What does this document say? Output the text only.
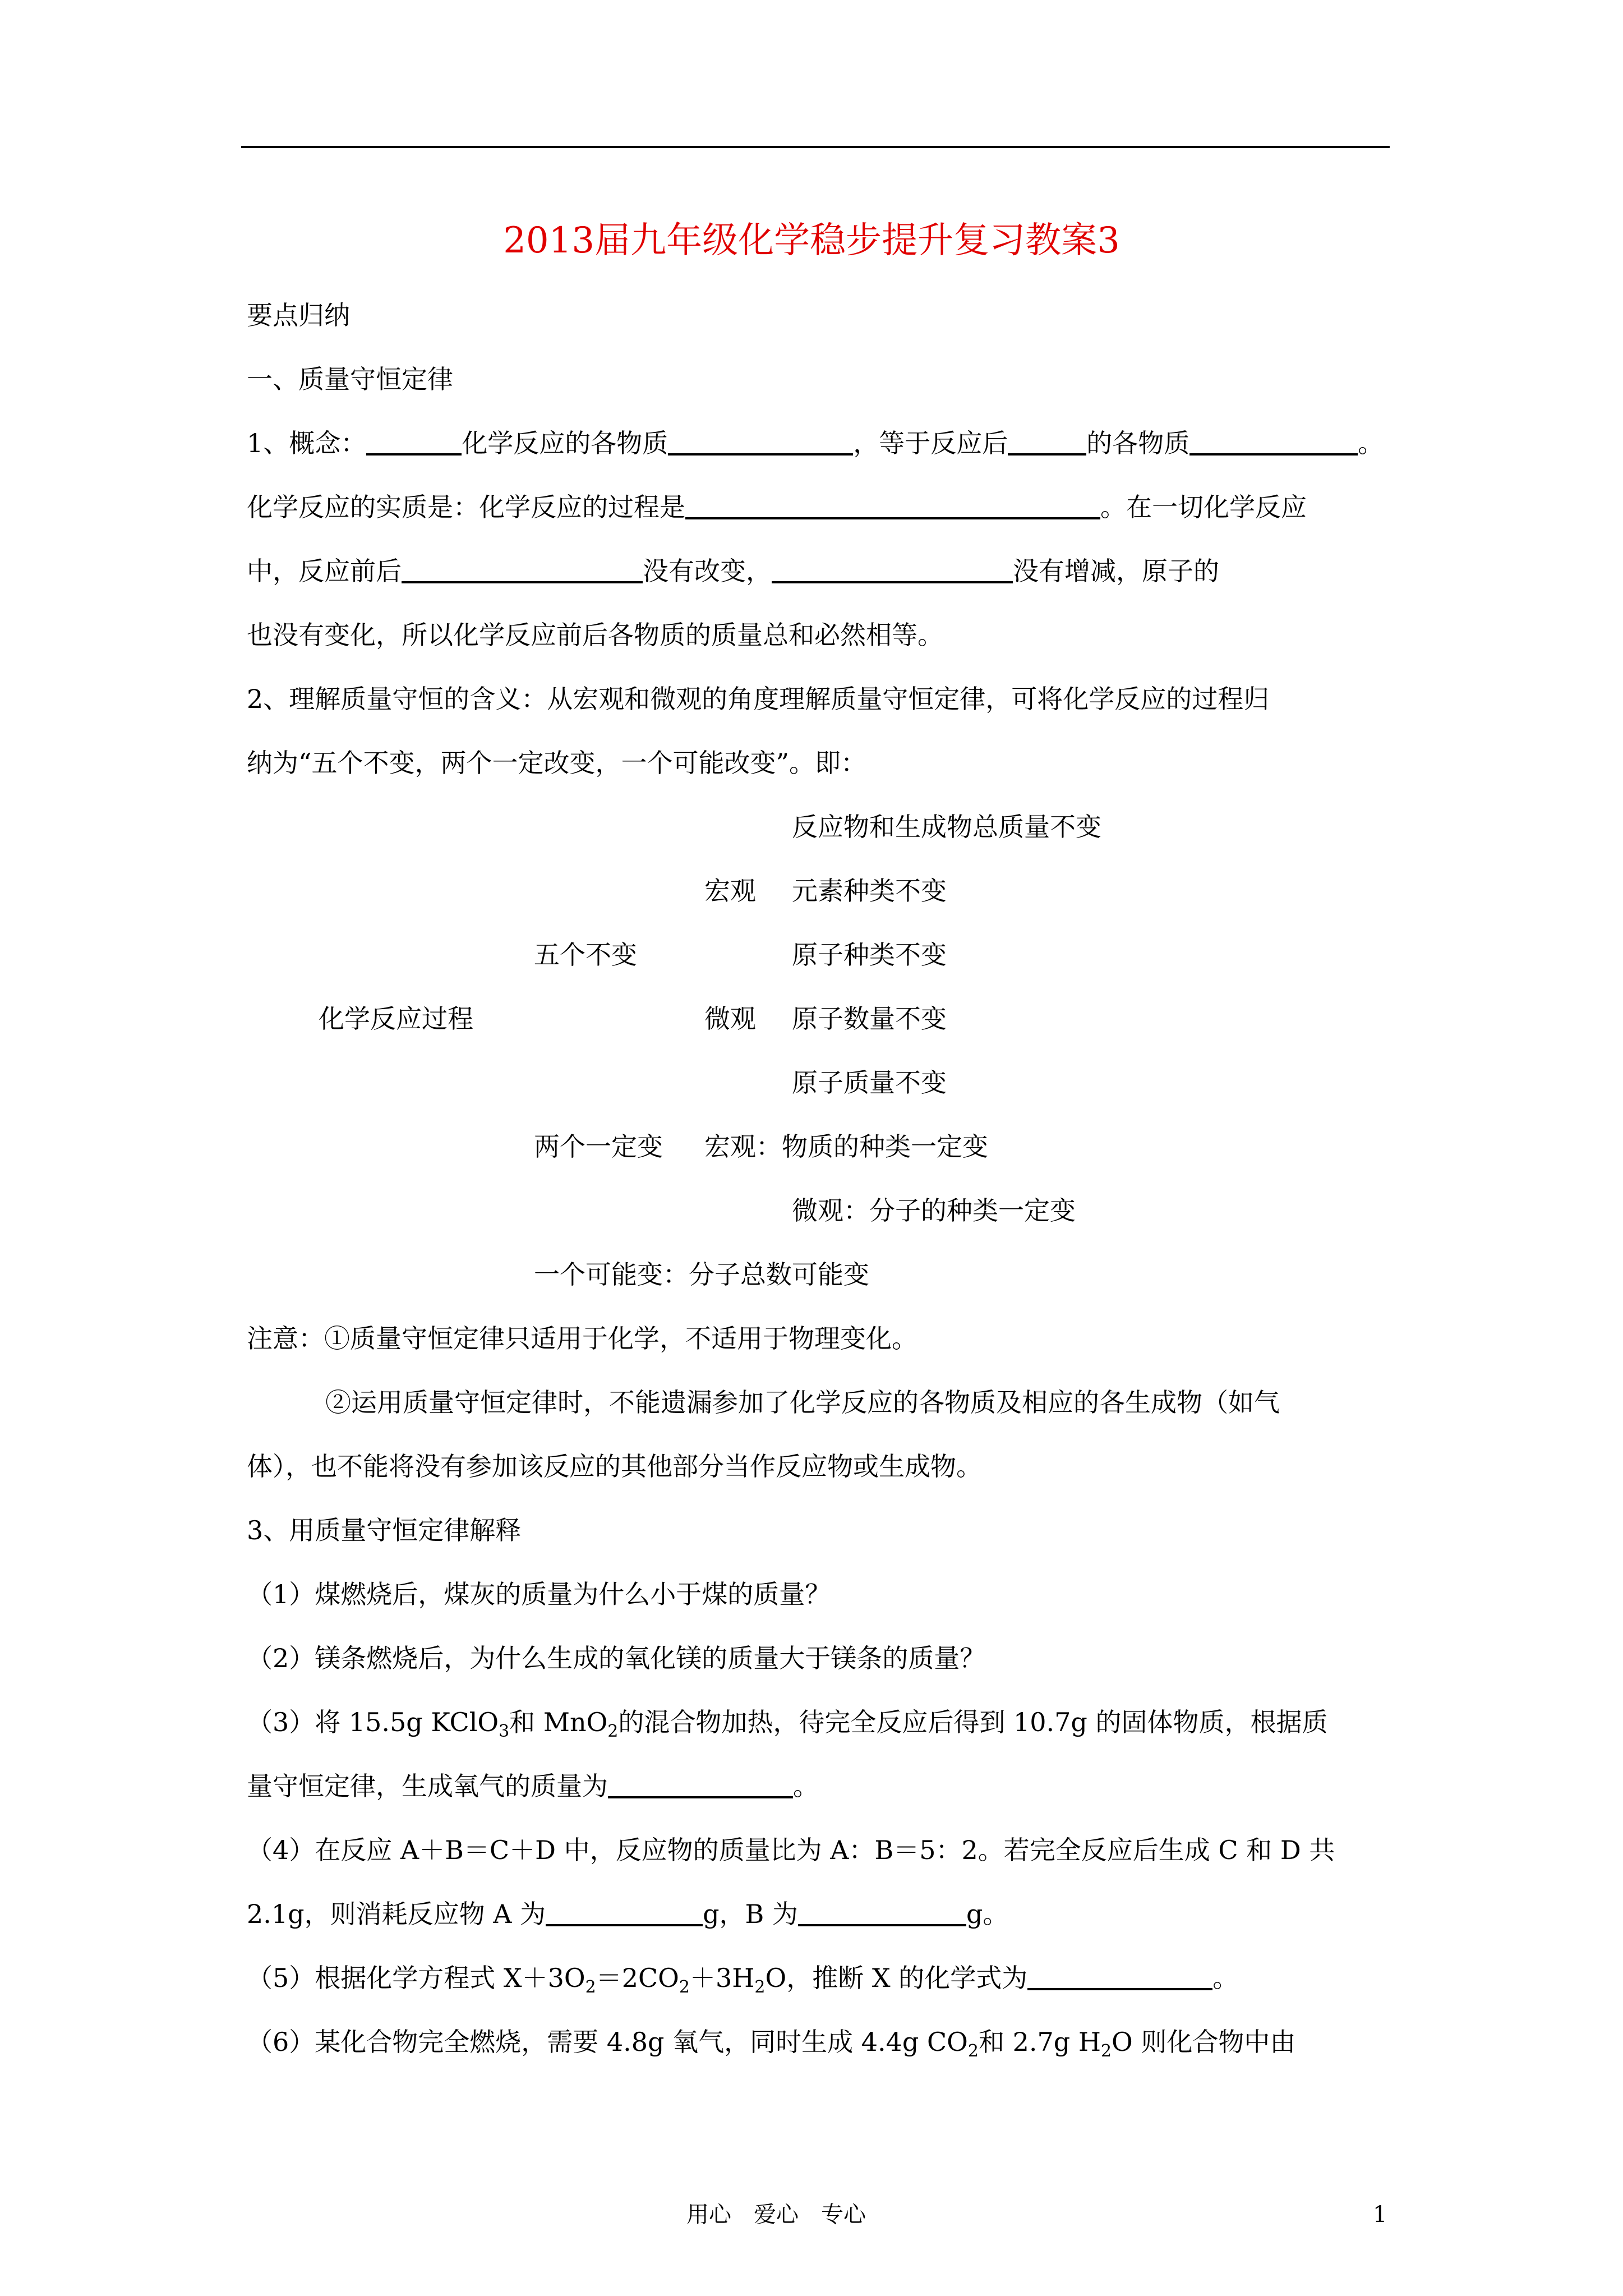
2013届九年级化学稳步提升复习教案3
要点归纳
一、质量守恒定律
1、概念：	化学反应的各物质	，等于反应后	的各物质	。
化学反应的实质是：化学反应的过程是	。在一切化学反应
中，反应前后	没有改变，	没有增减，原子的
也没有变化，所以化学反应前后各物质的质量总和必然相等。
2、理解质量守恒的含义：从宏观和微观的角度理解质量守恒定律，可将化学反应的过程归
纳为“五个不变，两个一定改变，一个可能改变”。即：
反应物和生成物总质量不变
宏观 元素种类不变
五个不变	原子种类不变
化学反应过程	微观 原子数量不变
原子质量不变
两个一定变 宏观：物质的种类一定变
微观：分子的种类一定变
一个可能变：分子总数可能变
注意：①质量守恒定律只适用于化学，不适用于物理变化。
②运用质量守恒定律时，不能遗漏参加了化学反应的各物质及相应的各生成物（如气
体），也不能将没有参加该反应的其他部分当作反应物或生成物。
3、用质量守恒定律解释
（1）煤燃烧后，煤灰的质量为什么小于煤的质量？
（2）镁条燃烧后，为什么生成的氧化镁的质量大于镁条的质量？
（3）将 15.5g KClO$_3$和 MnO$_2$的混合物加热，待完全反应后得到 10.7g 的固体物质，根据质
量守恒定律，生成氧气的质量为	。
（4）在反应 A＋B＝C＋D 中，反应物的质量比为 A：B＝5：2。若完全反应后生成 C 和 D 共
2.1g，则消耗反应物 A 为	g，B 为	g。
（5）根据化学方程式 $X+3O_2=2CO_2+3H_2O$，推断 X 的化学式为	。
（6）某化合物完全燃烧，需要 4.8g 氧气，同时生成 4.4g $CO_2$和 2.7g $H_2O$ 则化合物中由
用心　爱心　专心	1
